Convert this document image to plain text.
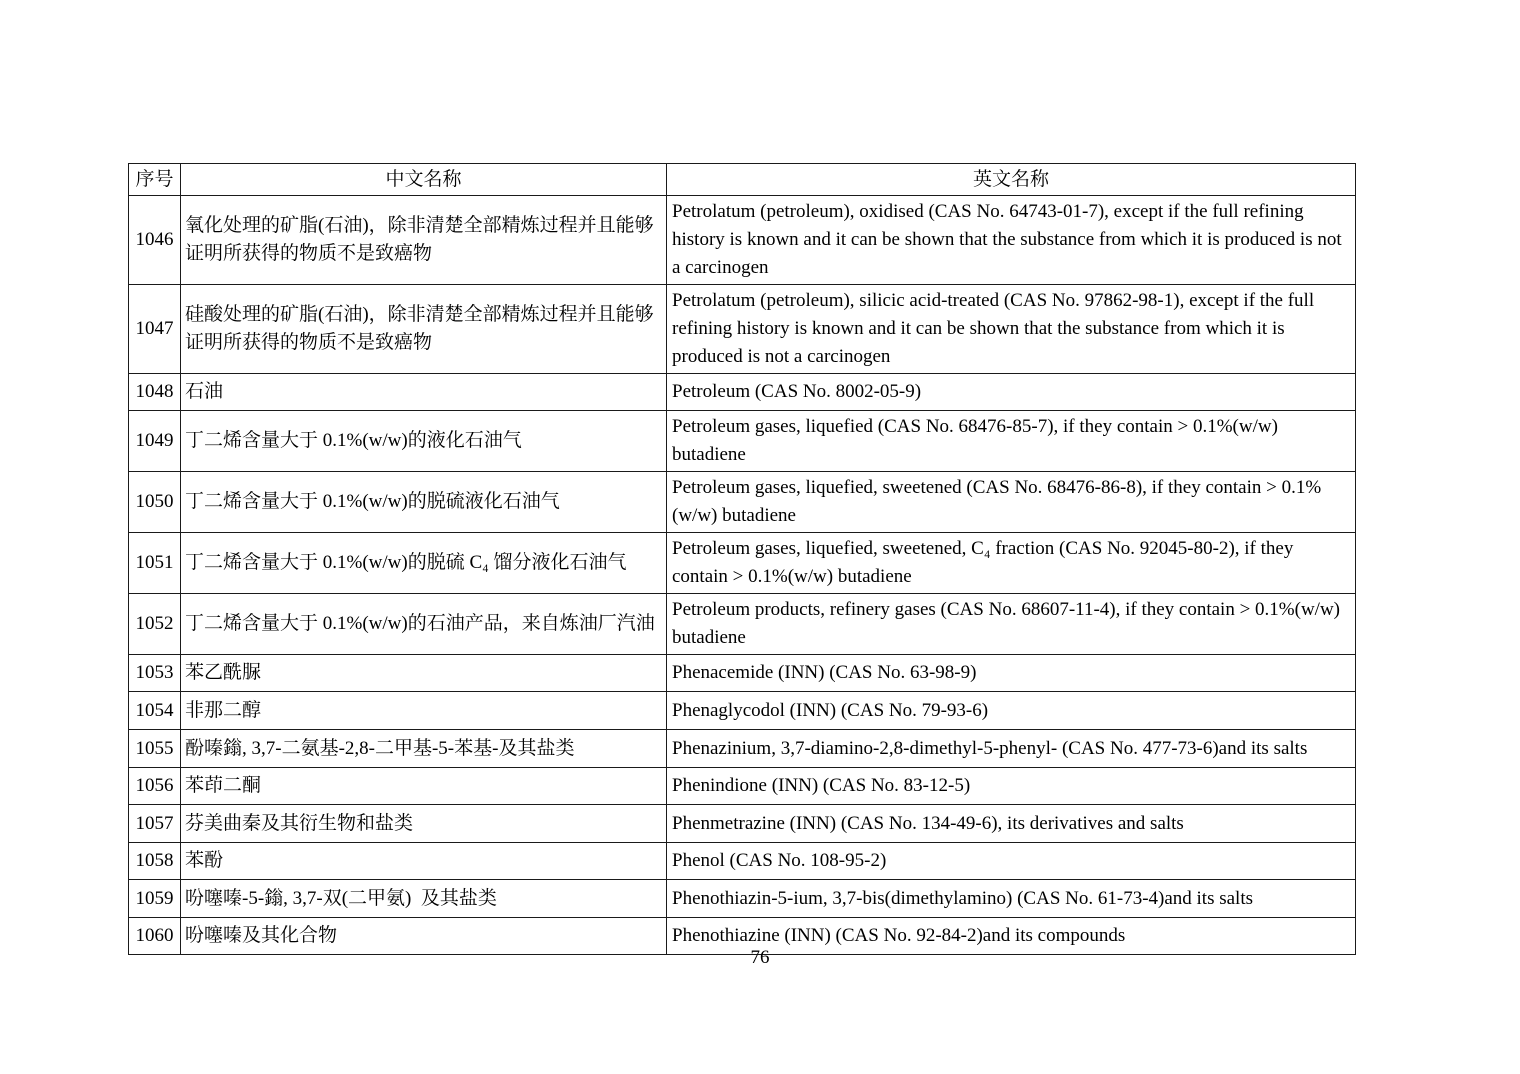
序号	中文名称	英文名称
1046	氧化处理的矿脂(石油)，除非清楚全部精炼过程并且能够证明所获得的物质不是致癌物	Petrolatum (petroleum), oxidised (CAS No. 64743-01-7), except if the full refining history is known and it can be shown that the substance from which it is produced is not a carcinogen
1047	硅酸处理的矿脂(石油)，除非清楚全部精炼过程并且能够证明所获得的物质不是致癌物	Petrolatum (petroleum), silicic acid-treated (CAS No. 97862-98-1), except if the full refining history is known and it can be shown that the substance from which it is produced is not a carcinogen
1048	石油	Petroleum (CAS No. 8002-05-9)
1049	丁二烯含量大于 0.1%(w/w)的液化石油气	Petroleum gases, liquefied (CAS No. 68476-85-7), if they contain > 0.1%(w/w) butadiene
1050	丁二烯含量大于 0.1%(w/w)的脱硫液化石油气	Petroleum gases, liquefied, sweetened (CAS No. 68476-86-8), if they contain > 0.1%(w/w) butadiene
1051	丁二烯含量大于 0.1%(w/w)的脱硫 C₄ 馏分液化石油气	Petroleum gases, liquefied, sweetened, C₄ fraction (CAS No. 92045-80-2), if they contain > 0.1%(w/w) butadiene
1052	丁二烯含量大于 0.1%(w/w)的石油产品，来自炼油厂汽油	Petroleum products, refinery gases (CAS No. 68607-11-4), if they contain > 0.1%(w/w) butadiene
1053	苯乙酰脲	Phenacemide (INN) (CAS No. 63-98-9)
1054	非那二醇	Phenaglycodol (INN) (CAS No. 79-93-6)
1055	酚嗪鎓, 3,7-二氨基-2,8-二甲基-5-苯基-及其盐类	Phenazinium, 3,7-diamino-2,8-dimethyl-5-phenyl- (CAS No. 477-73-6)and its salts
1056	苯茚二酮	Phenindione (INN) (CAS No. 83-12-5)
1057	芬美曲秦及其衍生物和盐类	Phenmetrazine (INN) (CAS No. 134-49-6), its derivatives and salts
1058	苯酚	Phenol (CAS No. 108-95-2)
1059	吩噻嗪-5-鎓, 3,7-双(二甲氨)  及其盐类	Phenothiazin-5-ium, 3,7-bis(dimethylamino) (CAS No. 61-73-4)and its salts
1060	吩噻嗪及其化合物	Phenothiazine (INN) (CAS No. 92-84-2)and its compounds
76
